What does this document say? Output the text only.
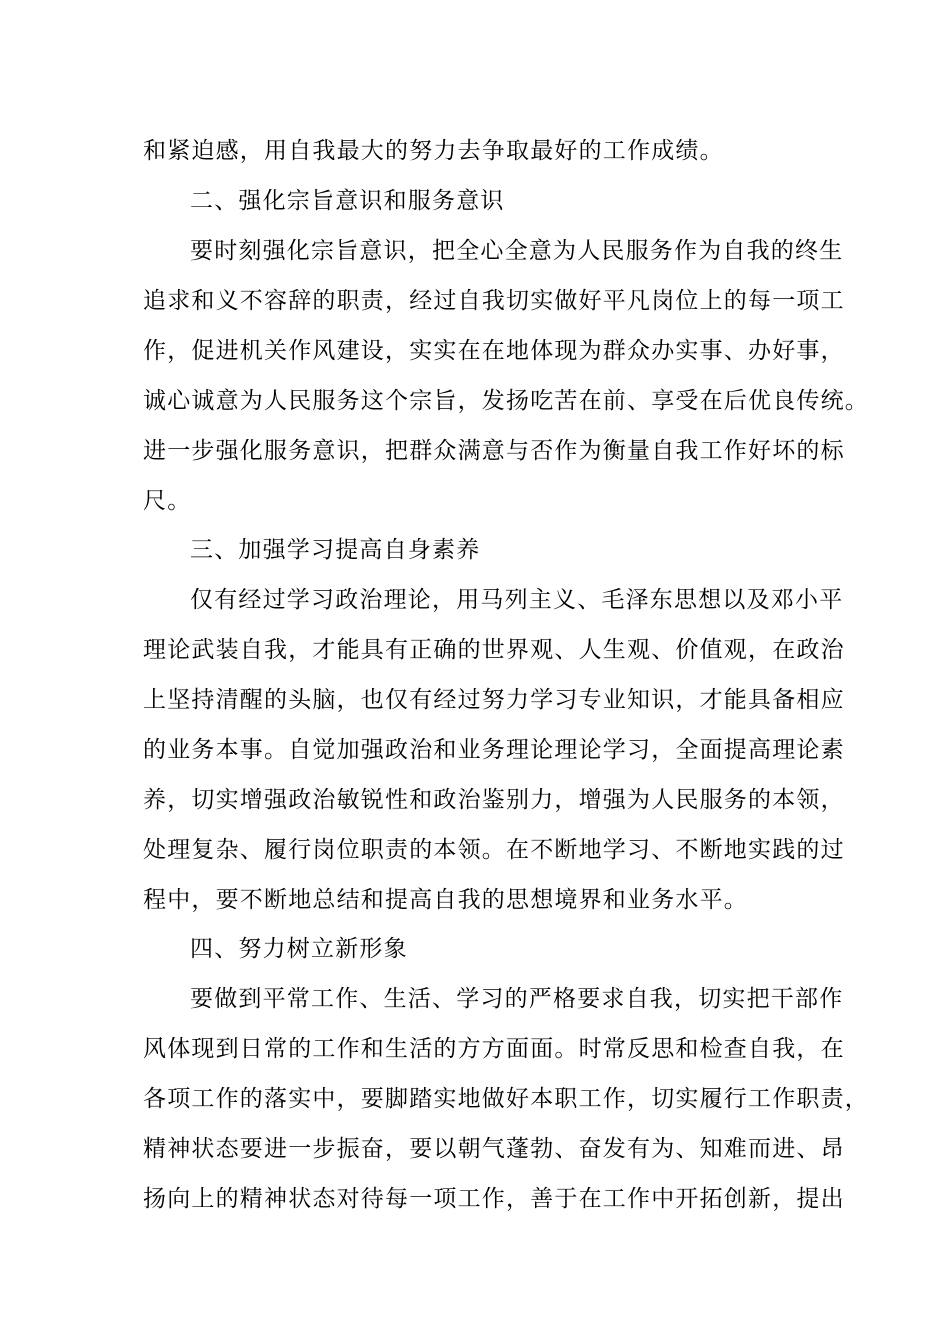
和紧迫感，用自我最大的努力去争取最好的工作成绩。

二、强化宗旨意识和服务意识

要时刻强化宗旨意识，把全心全意为人民服务作为自我的终生

追求和义不容辞的职责，经过自我切实做好平凡岗位上的每一项工

作，促进机关作风建设，实实在在地体现为群众办实事、办好事，

诚心诚意为人民服务这个宗旨，发扬吃苦在前、享受在后优良传统。

进一步强化服务意识，把群众满意与否作为衡量自我工作好坏的标

尺。

三、加强学习提高自身素养

仅有经过学习政治理论，用马列主义、毛泽东思想以及邓小平

理论武装自我，才能具有正确的世界观、人生观、价值观，在政治

上坚持清醒的头脑，也仅有经过努力学习专业知识，才能具备相应

的业务本事。自觉加强政治和业务理论理论学习，全面提高理论素

养，切实增强政治敏锐性和政治鉴别力，增强为人民服务的本领，

处理复杂、履行岗位职责的本领。在不断地学习、不断地实践的过

程中，要不断地总结和提高自我的思想境界和业务水平。

四、努力树立新形象

要做到平常工作、生活、学习的严格要求自我，切实把干部作

风体现到日常的工作和生活的方方面面。时常反思和检查自我，在

各项工作的落实中，要脚踏实地做好本职工作，切实履行工作职责，

精神状态要进一步振奋，要以朝气蓬勃、奋发有为、知难而进、昂

扬向上的精神状态对待每一项工作，善于在工作中开拓创新，提出
